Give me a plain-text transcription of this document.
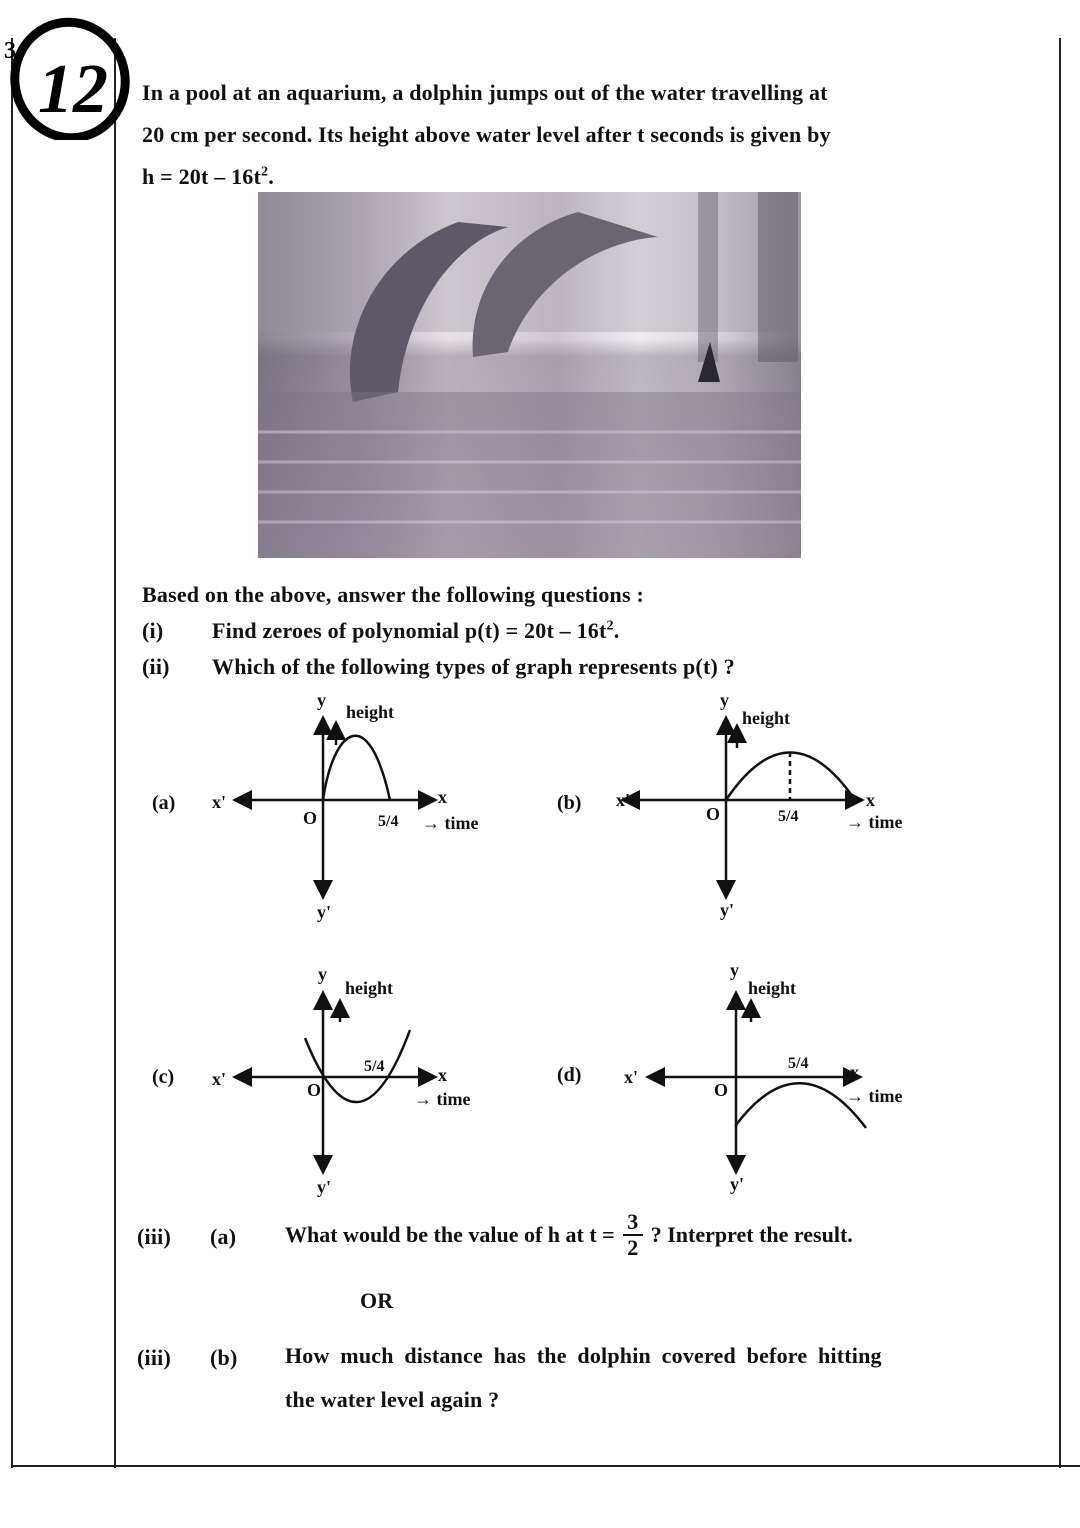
3. 12 In a pool at an aquarium, a dolphin jumps out of the water travelling at
20 cm per second. Its height above water level after t seconds is given by
$h = 20t - 16t^2$.
Based on the above, answer the following questions :
(i) Find zeroes of polynomial $p(t) = 20t - 16t^2$.
(ii) Which of the following types of graph represents p(t) ?
(a) x'	x
y
y'
O	5/4 → time
height
(b) x'	x
y
y'
O	5/4	→ time
height
(c) x'	x
y
y'
O
5/4
→ time
height
(d) x'	x
y
y'
O
5/4
→ time
height
(iii) (a) What would be the value of h at $t = \frac{3}{2}$ ? Interpret the result.
OR
(iii) (b) How much distance has the dolphin covered before hitting
the water level again ?
